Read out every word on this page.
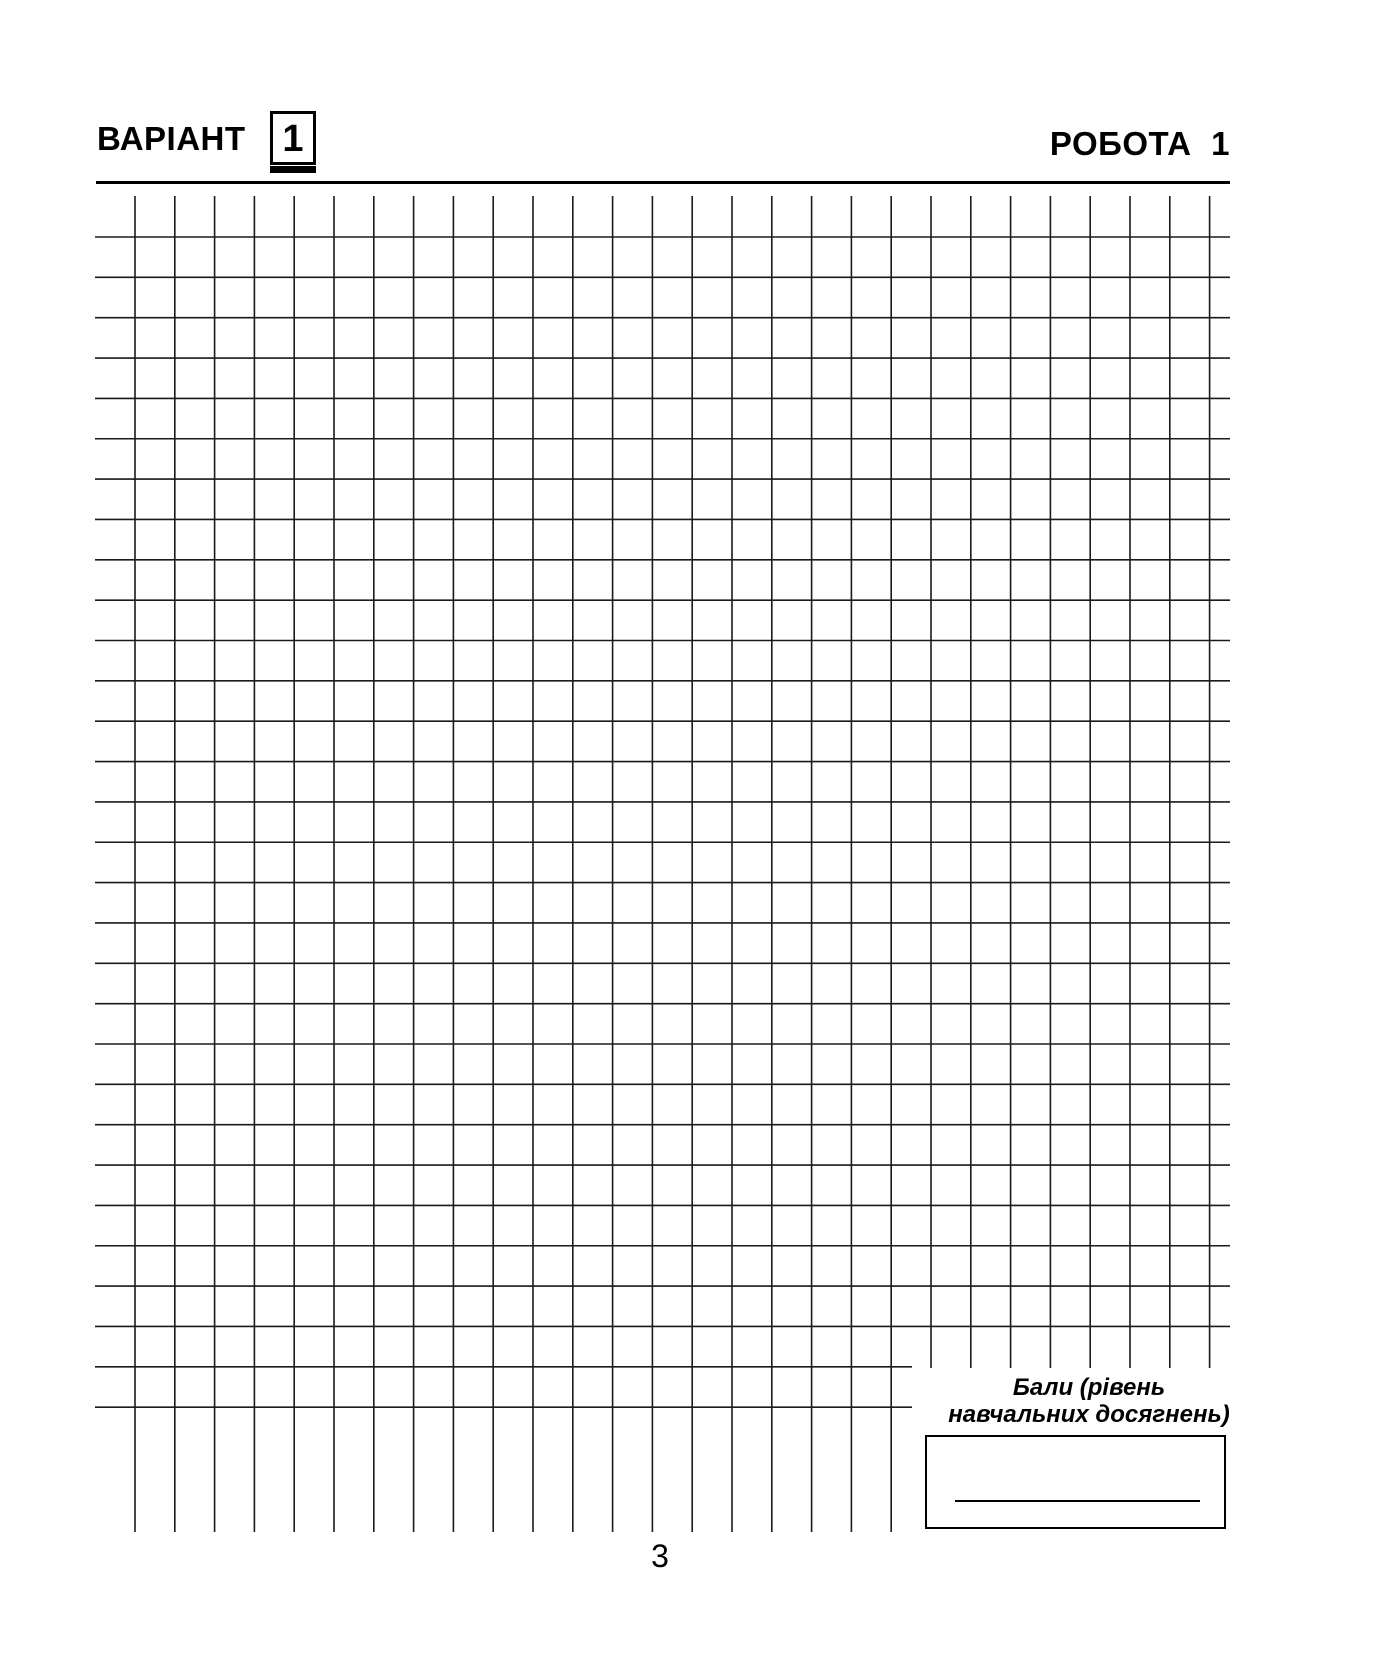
ВАРІАНТ 1	РОБОТА 1
Бали (рівень
навчальних досягнень)
3
